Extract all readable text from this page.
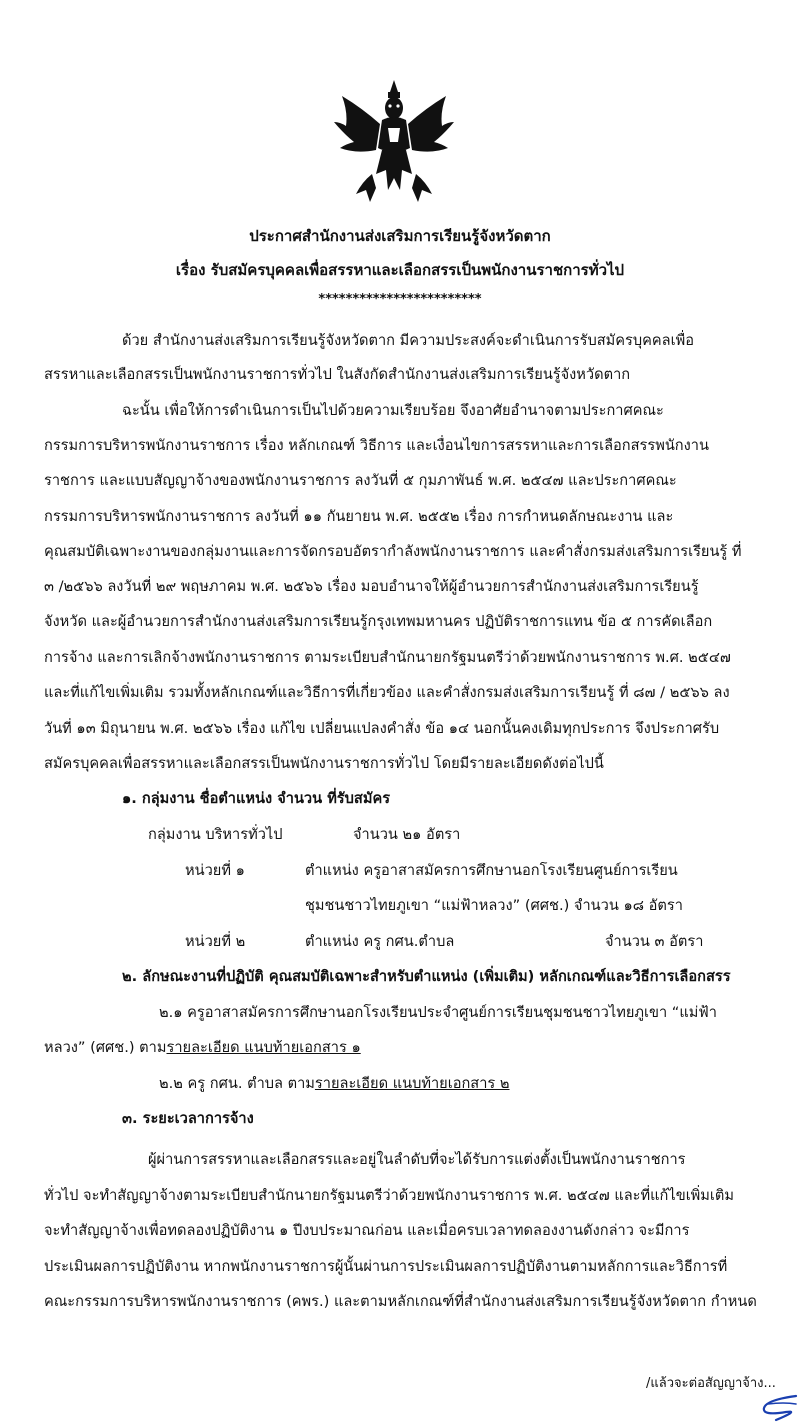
ประกาศสำนักงานส่งเสริมการเรียนรู้จังหวัดตาก
เรื่อง รับสมัครบุคคลเพื่อสรรหาและเลือกสรรเป็นพนักงานราชการทั่วไป
************************
ด้วย สำนักงานส่งเสริมการเรียนรู้จังหวัดตาก มีความประสงค์จะดำเนินการรับสมัครบุคคลเพื่อ
สรรหาและเลือกสรรเป็นพนักงานราชการทั่วไป ในสังกัดสำนักงานส่งเสริมการเรียนรู้จังหวัดตาก
ฉะนั้น เพื่อให้การดำเนินการเป็นไปด้วยความเรียบร้อย จึงอาศัยอำนาจตามประกาศคณะ
กรรมการบริหารพนักงานราชการ เรื่อง หลักเกณฑ์ วิธีการ และเงื่อนไขการสรรหาและการเลือกสรรพนักงาน
ราชการ และแบบสัญญาจ้างของพนักงานราชการ ลงวันที่ ๕ กุมภาพันธ์ พ.ศ. ๒๕๔๗ และประกาศคณะ
กรรมการบริหารพนักงานราชการ ลงวันที่ ๑๑ กันยายน พ.ศ. ๒๕๕๒ เรื่อง การกำหนดลักษณะงาน และ
คุณสมบัติเฉพาะงานของกลุ่มงานและการจัดกรอบอัตรากำลังพนักงานราชการ และคำสั่งกรมส่งเสริมการเรียนรู้ ที่
๓ /๒๕๖๖ ลงวันที่ ๒๙ พฤษภาคม พ.ศ. ๒๕๖๖ เรื่อง มอบอำนาจให้ผู้อำนวยการสำนักงานส่งเสริมการเรียนรู้
จังหวัด และผู้อำนวยการสำนักงานส่งเสริมการเรียนรู้กรุงเทพมหานคร ปฏิบัติราชการแทน ข้อ ๕ การคัดเลือก
การจ้าง และการเลิกจ้างพนักงานราชการ ตามระเบียบสำนักนายกรัฐมนตรีว่าด้วยพนักงานราชการ พ.ศ. ๒๕๔๗
และที่แก้ไขเพิ่มเติม รวมทั้งหลักเกณฑ์และวิธีการที่เกี่ยวข้อง และคำสั่งกรมส่งเสริมการเรียนรู้ ที่ ๘๗ / ๒๕๖๖ ลง
วันที่ ๑๓ มิถุนายน พ.ศ. ๒๕๖๖ เรื่อง แก้ไข เปลี่ยนแปลงคำสั่ง ข้อ ๑๔ นอกนั้นคงเดิมทุกประการ จึงประกาศรับ
สมัครบุคคลเพื่อสรรหาและเลือกสรรเป็นพนักงานราชการทั่วไป โดยมีรายละเอียดดังต่อไปนี้
๑. กลุ่มงาน ชื่อตำแหน่ง จำนวน ที่รับสมัคร
กลุ่มงาน บริหารทั่วไป	จำนวน ๒๑ อัตรา
หน่วยที่ ๑	ตำแหน่ง ครูอาสาสมัครการศึกษานอกโรงเรียนศูนย์การเรียน
ชุมชนชาวไทยภูเขา “แม่ฟ้าหลวง” (ศศช.) จำนวน ๑๘ อัตรา
หน่วยที่ ๒	ตำแหน่ง ครู กศน.ตำบล	จำนวน ๓ อัตรา
๒. ลักษณะงานที่ปฏิบัติ คุณสมบัติเฉพาะสำหรับตำแหน่ง (เพิ่มเติม) หลักเกณฑ์และวิธีการเลือกสรร
๒.๑ ครูอาสาสมัครการศึกษานอกโรงเรียนประจำศูนย์การเรียนชุมชนชาวไทยภูเขา “แม่ฟ้า
หลวง” (ศศช.) ตามรายละเอียด แนบท้ายเอกสาร ๑
๒.๒ ครู กศน. ตำบล ตามรายละเอียด แนบท้ายเอกสาร ๒
๓. ระยะเวลาการจ้าง
ผู้ผ่านการสรรหาและเลือกสรรและอยู่ในลำดับที่จะได้รับการแต่งตั้งเป็นพนักงานราชการ
ทั่วไป จะทำสัญญาจ้างตามระเบียบสำนักนายกรัฐมนตรีว่าด้วยพนักงานราชการ พ.ศ. ๒๕๔๗ และที่แก้ไขเพิ่มเติม
จะทำสัญญาจ้างเพื่อทดลองปฏิบัติงาน ๑ ปีงบประมาณก่อน และเมื่อครบเวลาทดลองงานดังกล่าว จะมีการ
ประเมินผลการปฏิบัติงาน หากพนักงานราชการผู้นั้นผ่านการประเมินผลการปฏิบัติงานตามหลักการและวิธีการที่
คณะกรรมการบริหารพนักงานราชการ (คพร.) และตามหลักเกณฑ์ที่สำนักงานส่งเสริมการเรียนรู้จังหวัดตาก กำหนด
/แล้วจะต่อสัญญาจ้าง...
